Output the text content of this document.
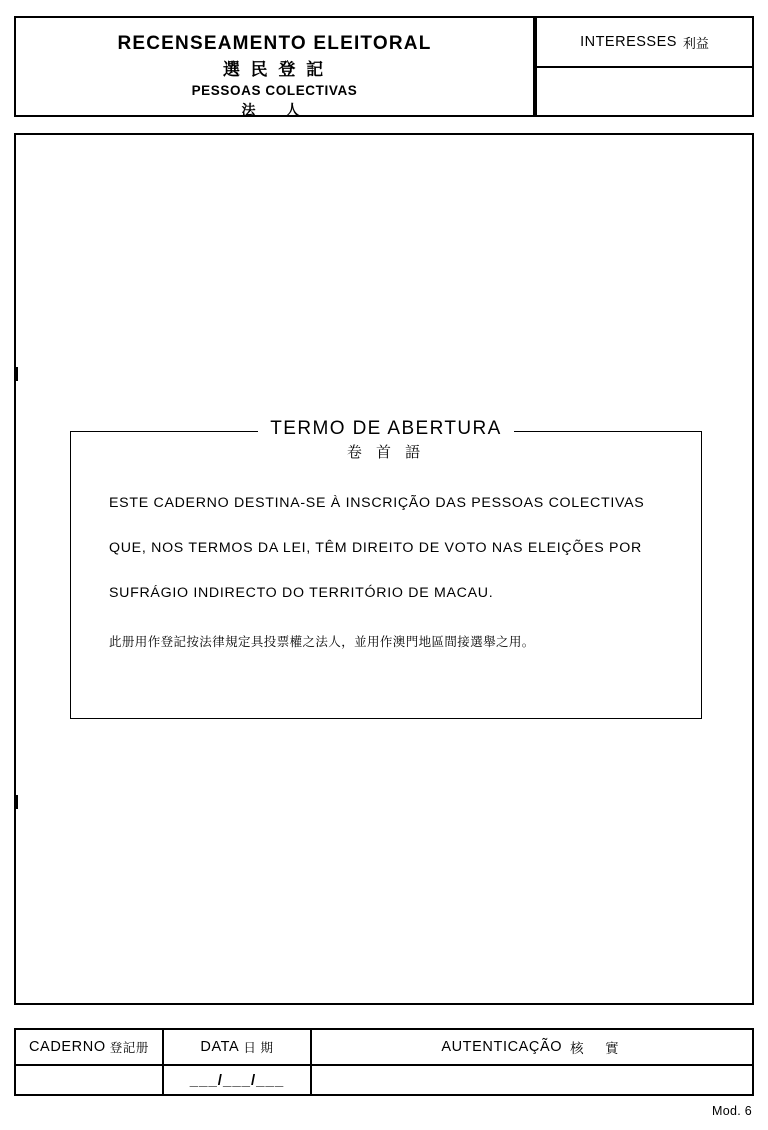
RECENSEAMENTO ELEITORAL
選 民 登 記
PESSOAS COLECTIVAS
法　人
INTERESSES 利益
TERMO DE ABERTURA
卷 首 語
ESTE CADERNO DESTINA-SE À INSCRIÇÃO DAS PESSOAS COLECTIVAS
QUE, NOS TERMOS DA LEI, TÊM DIREITO DE VOTO NAS ELEIÇÕES POR
SUFRÁGIO INDIRECTO DO TERRITÓRIO DE MACAU.
此册用作登記按法律規定具投票權之法人，並用作澳門地區間接選舉之用。
CADERNO 登記册	DATA 日 期	AUTENTICAÇÃO 核　實
___/___/___
Mod. 6
